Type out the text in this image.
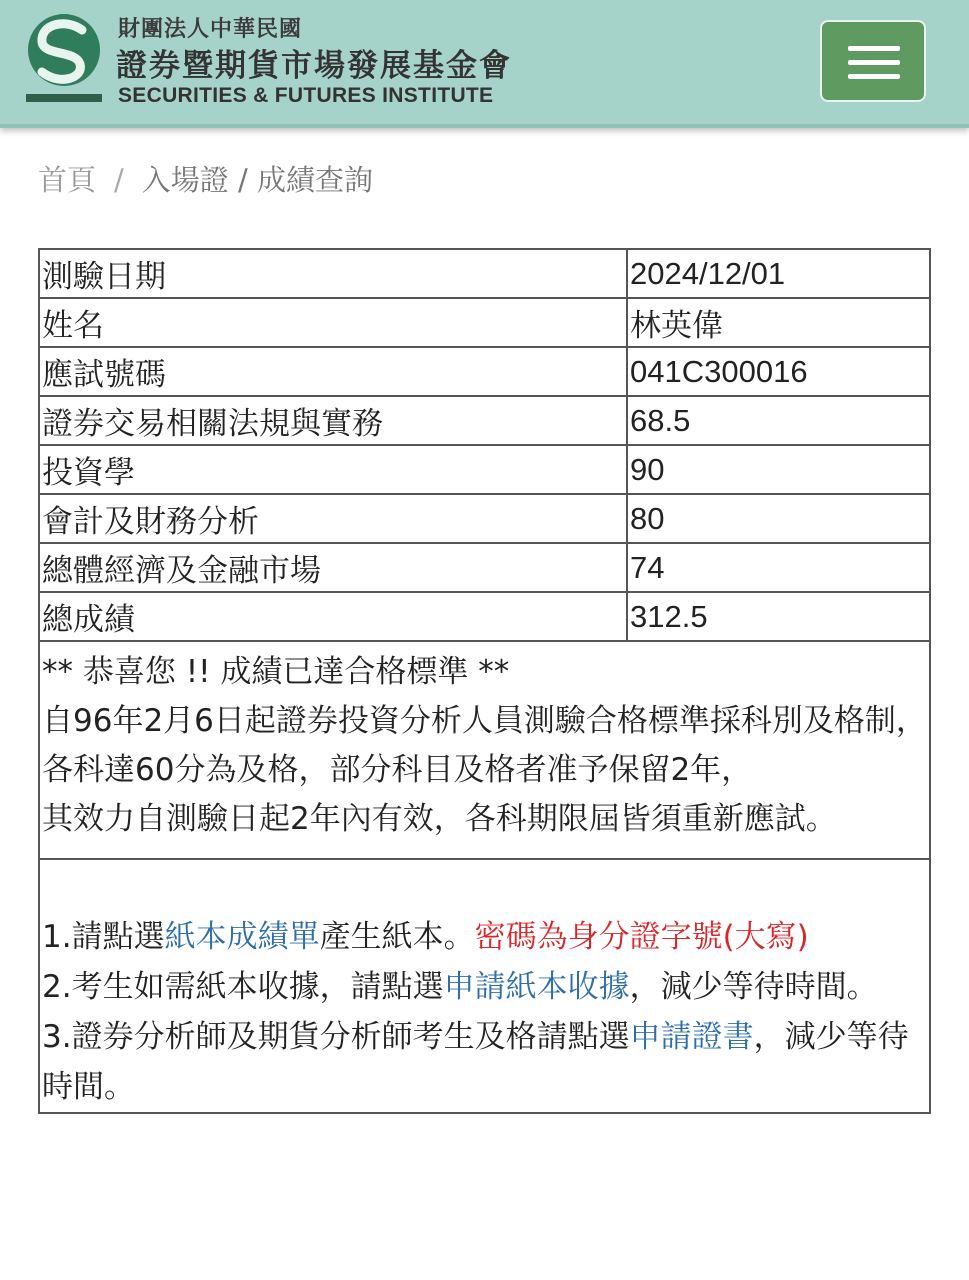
財團法人中華民國
證券暨期貨市場發展基金會
SECURITIES & FUTURES INSTITUTE
首頁 / 入場證 / 成績查詢
測驗日期	2024/12/01
姓名	林英偉
應試號碼	041C300016
證券交易相關法規與實務	68.5
投資學	90
會計及財務分析	80
總體經濟及金融市場	74
總成績	312.5

** 恭喜您 !! 成績已達合格標準 **
自96年2月6日起證券投資分析人員測驗合格標準採科別及格制，
各科達60分為及格，部分科目及格者准予保留2年，
其效力自測驗日起2年內有效，各科期限屆皆須重新應試。	

1.請點選紙本成績單產生紙本。密碼為身分證字號(大寫)
2.考生如需紙本收據，請點選申請紙本收據，減少等待時間。
3.證券分析師及期貨分析師考生及格請點選申請證書，減少等待時間。	
